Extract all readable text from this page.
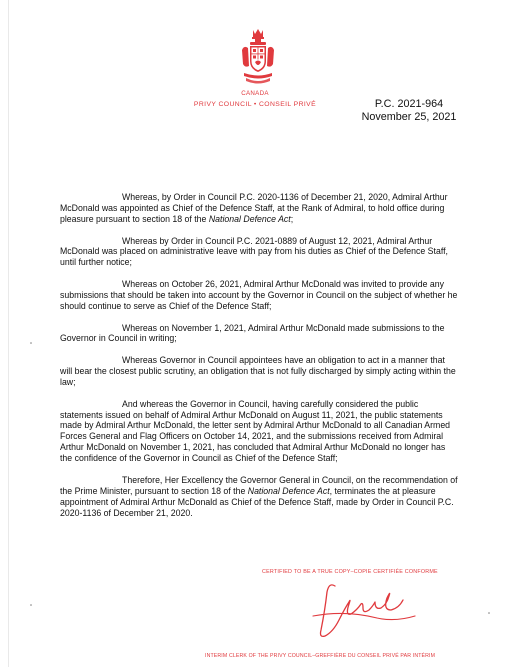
CANADA
PRIVY COUNCIL • CONSEIL PRIVÉ	P.C. 2021-964
November 25, 2021

Whereas, by Order in Council P.C. 2020-1136 of December 21, 2020, Admiral Arthur McDonald was appointed as Chief of the Defence Staff, at the Rank of Admiral, to hold office during pleasure pursuant to section 18 of the National Defence Act;

Whereas by Order in Council P.C. 2021-0889 of August 12, 2021, Admiral Arthur McDonald was placed on administrative leave with pay from his duties as Chief of the Defence Staff, until further notice;

Whereas on October 26, 2021, Admiral Arthur McDonald was invited to provide any submissions that should be taken into account by the Governor in Council on the subject of whether he should continue to serve as Chief of the Defence Staff;

Whereas on November 1, 2021, Admiral Arthur McDonald made submissions to the Governor in Council in writing;

Whereas Governor in Council appointees have an obligation to act in a manner that will bear the closest public scrutiny, an obligation that is not fully discharged by simply acting within the law;

And whereas the Governor in Council, having carefully considered the public statements issued on behalf of Admiral Arthur McDonald on August 11, 2021, the public statements made by Admiral Arthur McDonald, the letter sent by Admiral Arthur McDonald to all Canadian Armed Forces General and Flag Officers on October 14, 2021, and the submissions received from Admiral Arthur McDonald on November 1, 2021, has concluded that Admiral Arthur McDonald no longer has the confidence of the Governor in Council as Chief of the Defence Staff;

Therefore, Her Excellency the Governor General in Council, on the recommendation of the Prime Minister, pursuant to section 18 of the National Defence Act, terminates the at pleasure appointment of Admiral Arthur McDonald as Chief of the Defence Staff, made by Order in Council P.C. 2020-1136 of December 21, 2020.

CERTIFIED TO BE A TRUE COPY–COPIE CERTIFIÉE CONFORME
INTERIM CLERK OF THE PRIVY COUNCIL–GREFFIÈRE DU CONSEIL PRIVÉ PAR INTÉRIM
